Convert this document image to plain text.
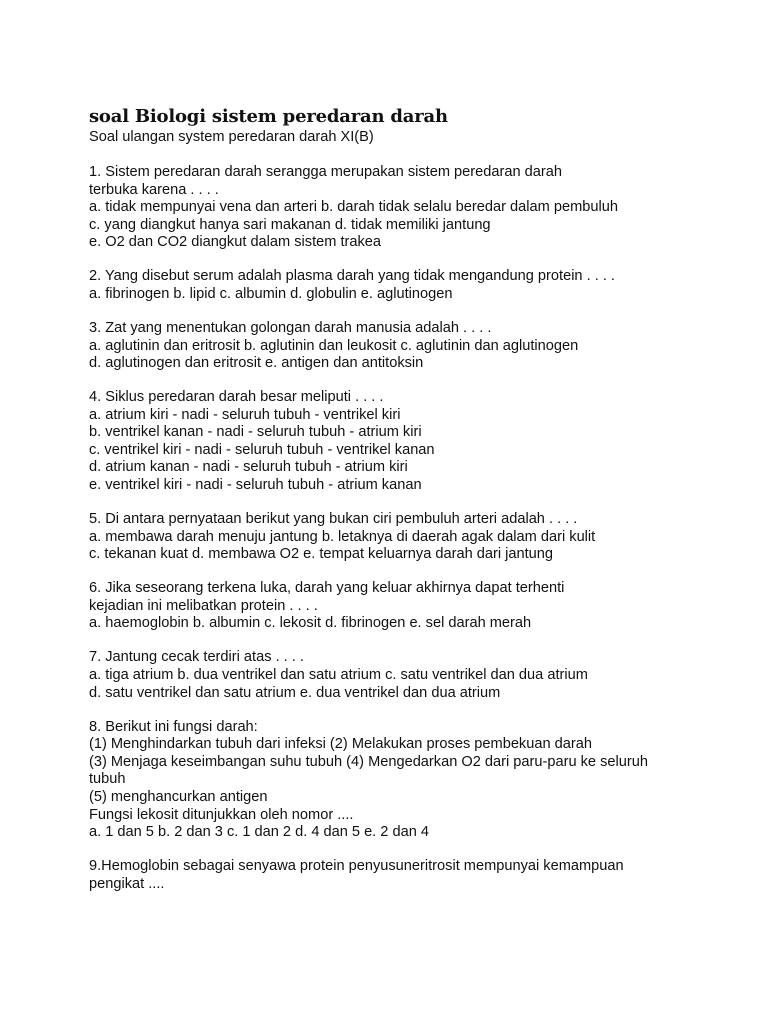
soal Biologi sistem peredaran darah

Soal ulangan system peredaran darah XI(B)

1. Sistem peredaran darah serangga merupakan sistem peredaran darah
terbuka karena . . . .
a. tidak mempunyai vena dan arteri b. darah tidak selalu beredar dalam pembuluh
c. yang diangkut hanya sari makanan d. tidak memiliki jantung
e. O2 dan CO2 diangkut dalam sistem trakea
2. Yang disebut serum adalah plasma darah yang tidak mengandung protein . . . .
a. fibrinogen b. lipid c. albumin d. globulin e. aglutinogen
3. Zat yang menentukan golongan darah manusia adalah . . . .
a. aglutinin dan eritrosit b. aglutinin dan leukosit c. aglutinin dan aglutinogen
d. aglutinogen dan eritrosit e. antigen dan antitoksin
4. Siklus peredaran darah besar meliputi . . . .
a. atrium kiri - nadi - seluruh tubuh - ventrikel kiri
b. ventrikel kanan - nadi - seluruh tubuh - atrium kiri
c. ventrikel kiri - nadi - seluruh tubuh - ventrikel kanan
d. atrium kanan - nadi - seluruh tubuh - atrium kiri
e. ventrikel kiri - nadi - seluruh tubuh - atrium kanan
5. Di antara pernyataan berikut yang bukan ciri pembuluh arteri adalah . . . .
a. membawa darah menuju jantung b. letaknya di daerah agak dalam dari kulit
c. tekanan kuat d. membawa O2 e. tempat keluarnya darah dari jantung
6. Jika seseorang terkena luka, darah yang keluar akhirnya dapat terhenti
kejadian ini melibatkan protein . . . .
a. haemoglobin b. albumin c. lekosit d. fibrinogen e. sel darah merah
7. Jantung cecak terdiri atas . . . .
a. tiga atrium b. dua ventrikel dan satu atrium c. satu ventrikel dan dua atrium
d. satu ventrikel dan satu atrium e. dua ventrikel dan dua atrium
8. Berikut ini fungsi darah:
(1) Menghindarkan tubuh dari infeksi (2) Melakukan proses pembekuan darah
(3) Menjaga keseimbangan suhu tubuh (4) Mengedarkan O2 dari paru-paru ke seluruh
tubuh
(5) menghancurkan antigen
Fungsi lekosit ditunjukkan oleh nomor ....
a. 1 dan 5 b. 2 dan 3 c. 1 dan 2 d. 4 dan 5 e. 2 dan 4
9.Hemoglobin sebagai senyawa protein penyusuneritrosit mempunyai kemampuan
pengikat ....
